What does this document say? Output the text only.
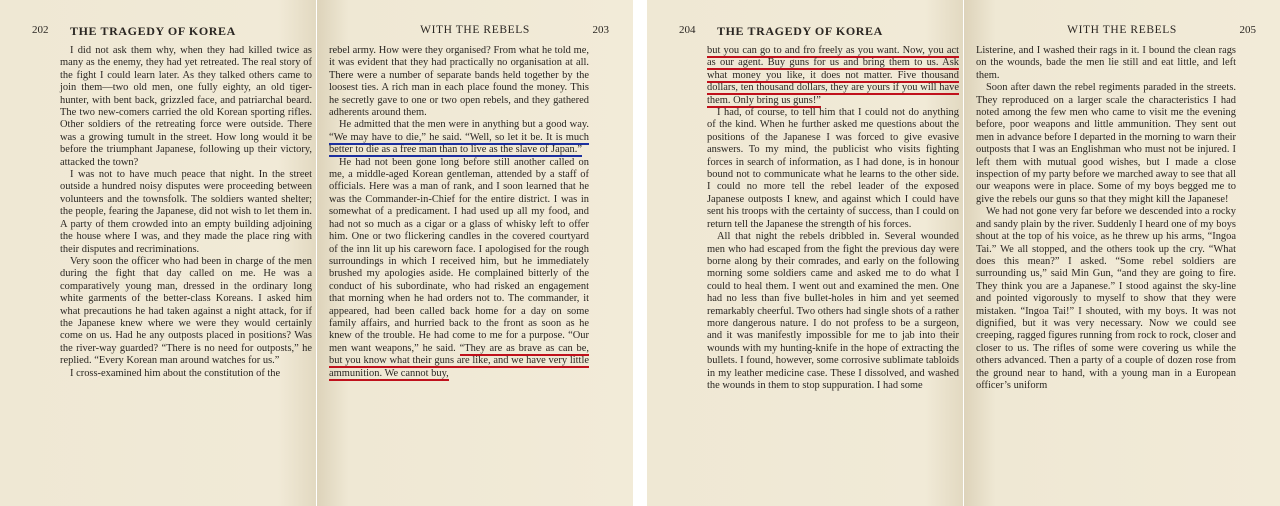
202 THE TRAGEDY OF KOREA

I did not ask them why, when they had killed twice as many as the enemy, they had yet retreated. The real story of the fight I could learn later. As they talked others came to join them—two old men, one fully eighty, an old tiger-hunter, with bent back, grizzled face, and patriarchal beard. The two new-comers carried the old Korean sporting rifles. Other soldiers of the retreating force were outside. There was a growing tumult in the street. How long would it be before the triumphant Japanese, following up their victory, attacked the town?

I was not to have much peace that night. In the street outside a hundred noisy disputes were proceeding between volunteers and the townsfolk. The soldiers wanted shelter; the people, fearing the Japanese, did not wish to let them in. A party of them crowded into an empty building adjoining the house where I was, and they made the place ring with their disputes and recriminations.

Very soon the officer who had been in charge of the men during the fight that day called on me. He was a comparatively young man, dressed in the ordinary long white garments of the better-class Koreans. I asked him what precautions he had taken against a night attack, for if the Japanese knew where we were they would certainly come on us. Had he any outposts placed in positions? Was the river-way guarded? “There is no need for outposts,” he replied. “Every Korean man around watches for us.”

I cross-examined him about the constitution of the

WITH THE REBELS	203

rebel army. How were they organised? From what he told me, it was evident that they had practically no organisation at all. There were a number of separate bands held together by the loosest ties. A rich man in each place found the money. This he secretly gave to one or two open rebels, and they gathered adherents around them.

He admitted that the men were in anything but a good way. “We may have to die,” he said. “Well, so let it be. It is much better to die as a free man than to live as the slave of Japan.”

He had not been gone long before still another called on me, a middle-aged Korean gentleman, attended by a staff of officials. Here was a man of rank, and I soon learned that he was the Commander-in-Chief for the entire district. I was in somewhat of a predicament. I had used up all my food, and had not so much as a cigar or a glass of whisky left to offer him. One or two flickering candles in the covered courtyard of the inn lit up his careworn face. I apologised for the rough surroundings in which I received him, but he immediately brushed my apologies aside. He complained bitterly of the conduct of his subordinate, who had risked an engagement that morning when he had orders not to. The commander, it appeared, had been called back home for a day on some family affairs, and hurried back to the front as soon as he knew of the trouble. He had come to me for a purpose. “Our men want weapons,” he said. “They are as brave as can be, but you know what their guns are like, and we have very little ammunition. We cannot buy,

204 THE TRAGEDY OF KOREA

but you can go to and fro freely as you want. Now, you act as our agent. Buy guns for us and bring them to us. Ask what money you like, it does not matter. Five thousand dollars, ten thousand dollars, they are yours if you will have them. Only bring us guns!”

I had, of course, to tell him that I could not do anything of the kind. When he further asked me questions about the positions of the Japanese I was forced to give evasive answers. To my mind, the publicist who visits fighting forces in search of information, as I had done, is in honour bound not to communicate what he learns to the other side. I could no more tell the rebel leader of the exposed Japanese outposts I knew, and against which I could have sent his troops with the certainty of success, than I could on return tell the Japanese the strength of his forces.

All that night the rebels dribbled in. Several wounded men who had escaped from the fight the previous day were borne along by their comrades, and early on the following morning some soldiers came and asked me to do what I could to heal them. I went out and examined the men. One had no less than five bullet-holes in him and yet seemed remarkably cheerful. Two others had single shots of a rather more dangerous nature. I do not profess to be a surgeon, and it was manifestly impossible for me to jab into their wounds with my hunting-knife in the hope of extracting the bullets. I found, however, some corrosive sublimate tabloids in my leather medicine case. These I dissolved, and washed the wounds in them to stop suppuration. I had some

WITH THE REBELS	205

Listerine, and I washed their rags in it. I bound the clean rags on the wounds, bade the men lie still and eat little, and left them.

Soon after dawn the rebel regiments paraded in the streets. They reproduced on a larger scale the characteristics I had noted among the few men who came to visit me the evening before, poor weapons and little ammunition. They sent out men in advance before I departed in the morning to warn their outposts that I was an Englishman who must not be injured. I left them with mutual good wishes, but I made a close inspection of my party before we marched away to see that all our weapons were in place. Some of my boys begged me to give the rebels our guns so that they might kill the Japanese!

We had not gone very far before we descended into a rocky and sandy plain by the river. Suddenly I heard one of my boys shout at the top of his voice, as he threw up his arms, “Ingoa Tai.” We all stopped, and the others took up the cry. “What does this mean?” I asked. “Some rebel soldiers are surrounding us,” said Min Gun, “and they are going to fire. They think you are a Japanese.” I stood against the sky-line and pointed vigorously to myself to show that they were mistaken. “Ingoa Tai!” I shouted, with my boys. It was not dignified, but it was very necessary. Now we could see creeping, ragged figures running from rock to rock, closer and closer to us. The rifles of some were covering us while the others advanced. Then a party of a couple of dozen rose from the ground near to hand, with a young man in a European officer’s uniform
